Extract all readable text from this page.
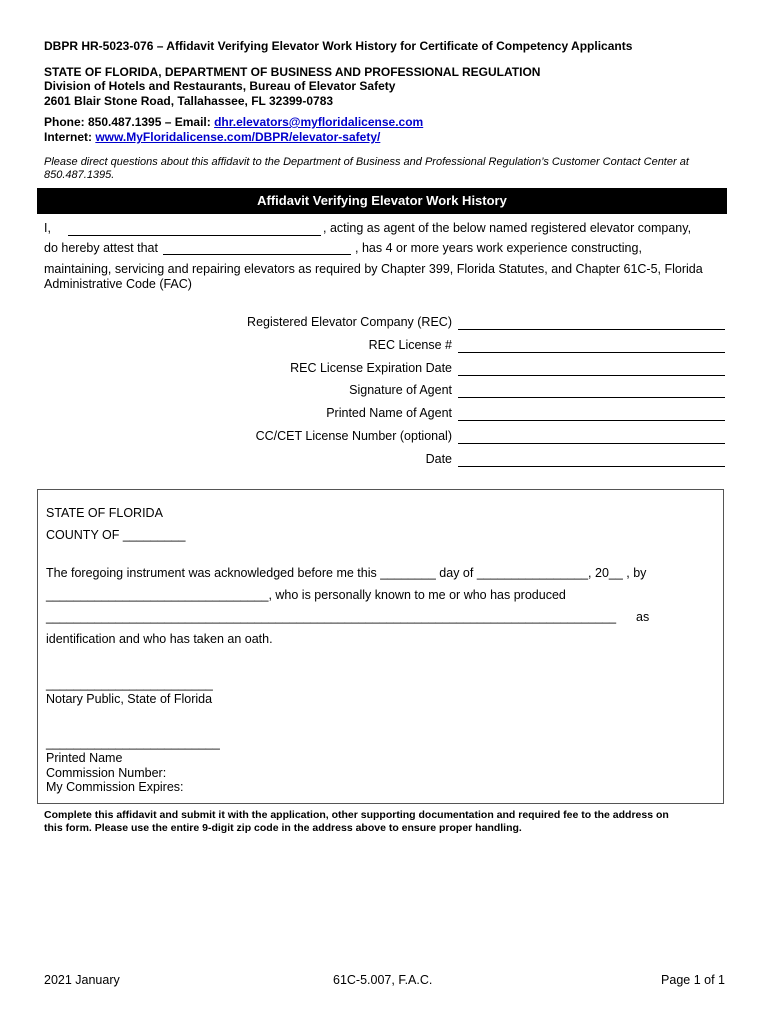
DBPR HR-5023-076 – Affidavit Verifying Elevator Work History for Certificate of Competency Applicants
STATE OF FLORIDA, DEPARTMENT OF BUSINESS AND PROFESSIONAL REGULATION
Division of Hotels and Restaurants, Bureau of Elevator Safety
2601 Blair Stone Road, Tallahassee, FL 32399-0783
Phone: 850.487.1395 – Email: dhr.elevators@myfloridalicense.com
Internet: www.MyFloridalicense.com/DBPR/elevator-safety/
Please direct questions about this affidavit to the Department of Business and Professional Regulation’s Customer Contact Center at
850.487.1395.
Affidavit Verifying Elevator Work History
I,	, acting as agent of the below named registered elevator company,
do hereby attest that	, has 4 or more years work experience constructing,
maintaining, servicing and repairing elevators as required by Chapter 399, Florida Statutes, and Chapter 61C-5, Florida
Administrative Code (FAC)
Registered Elevator Company (REC)
REC License #
REC License Expiration Date
Signature of Agent
Printed Name of Agent
CC/CET License Number (optional)
Date
STATE OF FLORIDA
COUNTY OF _________
The foregoing instrument was acknowledged before me this ________ day of ________________, 20__ , by
________________________________, who is personally known to me or who has produced
__________________________________________________________________________________ as
identification and who has taken an oath.
________________________
Notary Public, State of Florida
_________________________
Printed Name
Commission Number:
My Commission Expires:
Complete this affidavit and submit it with the application, other supporting documentation and required fee to the address on
this form. Please use the entire 9-digit zip code in the address above to ensure proper handling.
2021 January	61C-5.007, F.A.C.	Page 1 of 1
